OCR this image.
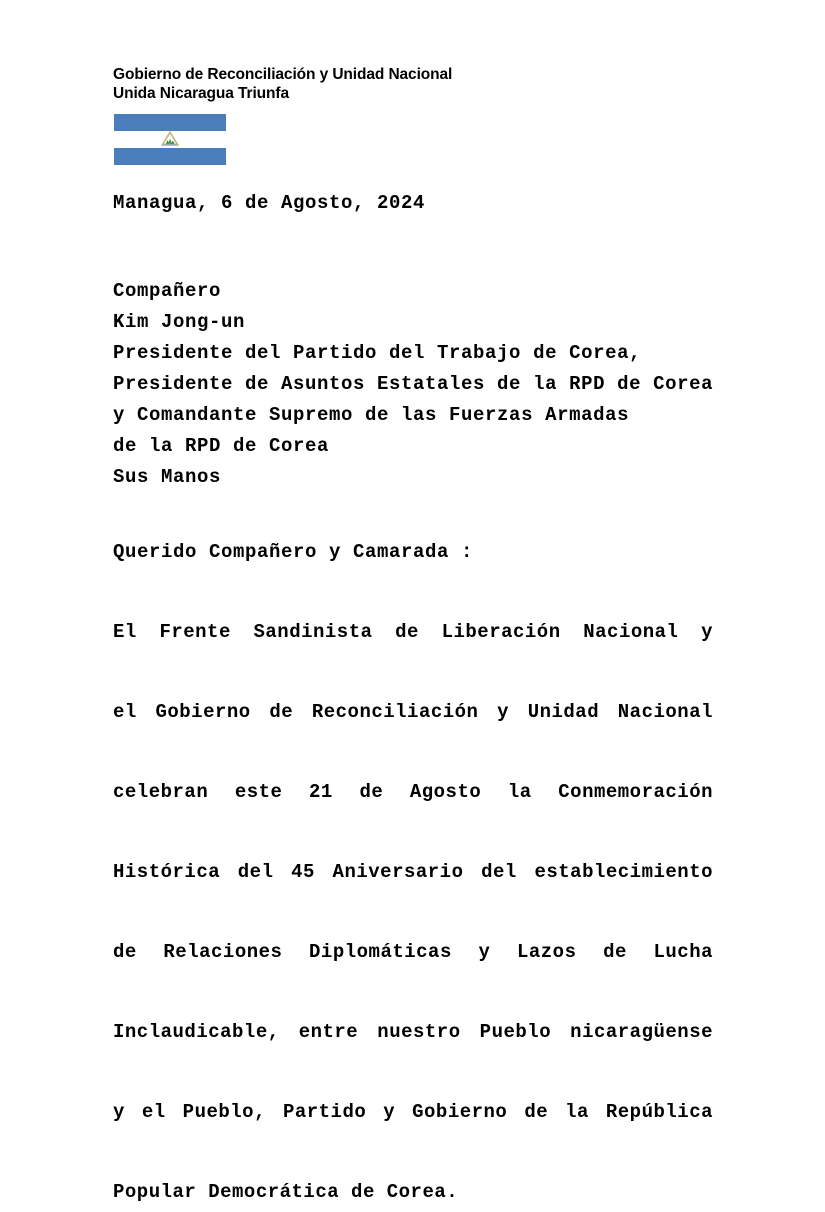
Gobierno de Reconciliación y Unidad Nacional
Unida Nicaragua Triunfa
Managua, 6 de Agosto, 2024
Compañero
Kim Jong-un
Presidente del Partido del Trabajo de Corea,
Presidente de Asuntos Estatales de la RPD de Corea
y Comandante Supremo de las Fuerzas Armadas
de la RPD de Corea
Sus Manos
Querido Compañero y Camarada :
El Frente Sandinista de Liberación Nacional y
el Gobierno de Reconciliación y Unidad Nacional
celebran este 21 de Agosto la Conmemoración
Histórica del 45 Aniversario del establecimiento
de Relaciones Diplomáticas y Lazos de Lucha
Inclaudicable, entre nuestro Pueblo nicaragüense
y el Pueblo, Partido y Gobierno de la República
Popular Democrática de Corea.
